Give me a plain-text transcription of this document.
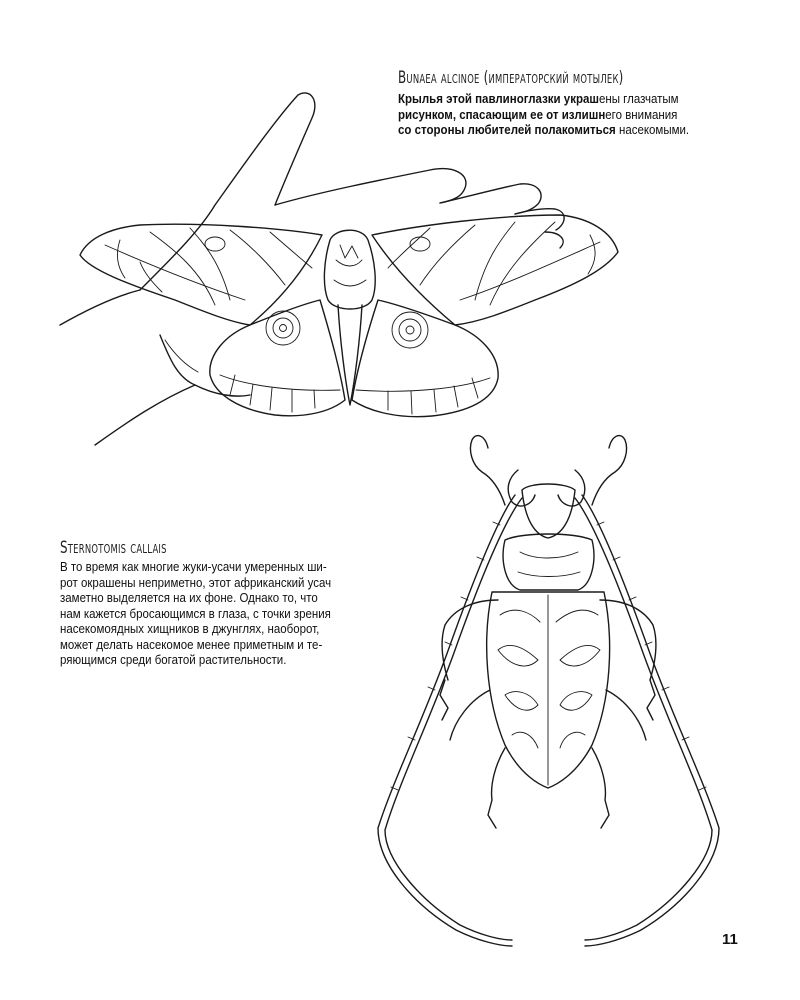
Bunaea alcinoe (императорский мотылек)
Крылья этой павлиноглазки украшены глазчатым
рисунком, спасающим ее от излишнего внимания
со стороны любителей полакомиться насекомыми.
Sternotomis callais
В то время как многие жуки-усачи умеренных ши-
рот окрашены неприметно, этот африканский усач
заметно выделяется на их фоне. Однако то, что
нам кажется бросающимся в глаза, с точки зрения
насекомоядных хищников в джунглях, наоборот,
может делать насекомое менее приметным и те-
ряющимся среди богатой растительности.
11
